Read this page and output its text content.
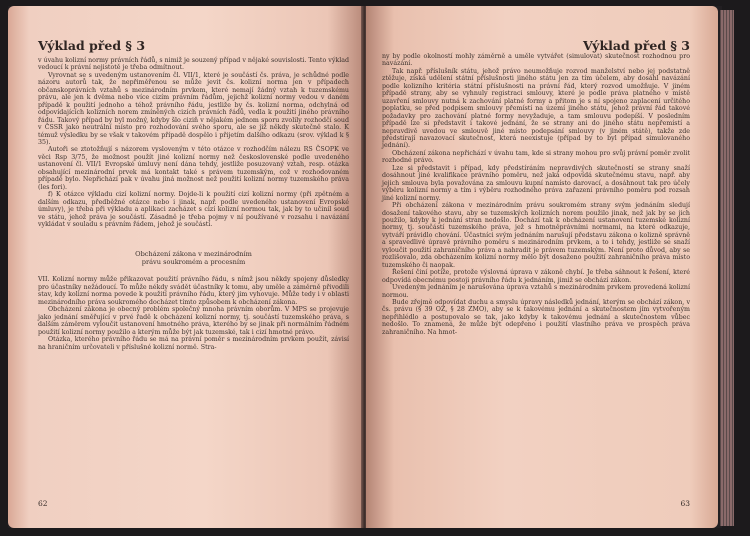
Výklad před § 3

v úvahu kolizní normy právních řádů, s nimiž je souzený případ v nějaké souvislosti. Tento výklad vedoucí k právní nejistotě je třeba odmítnout.

Vyrovnat se s uvedeným ustanovením čl. VII/1, které je součástí čs. práva, je schůdné podle názoru autorů tak, že nepřiměřenou se může jevit čs. kolizní norma jen v případech občanskoprávních vztahů s mezinárodním prvkem, které nemají žádný vztah k tuzemskému právu, ale jen k dvěma nebo více cizím právním řádům, jejichž kolizní normy vedou v daném případě k použití jednoho a téhož právního řádu, jestliže by čs. kolizní norma, odchylná od odpovídajících kolizních norem zmíněných cizích právních řádů, vedla k použití jiného právního řádu. Takový případ by byl možný, kdyby šlo ciziň v nějakém jednom sporu zvolily rozhodčí soud v ČSSR jako neutrální místo pro rozhodování svého sporu, ale se již někdy skutečně stalo. K témuž výsledku by se však v takovém případě dospělo i přijetím dalšího odkazu (srov. výklad k § 35).

Autoři se ztotožňují s názorem vysloveným v této otázce v rozhodčím nálezu RS ČSOPK ve věci Rsp 3/75, že možnost použít jiné kolizní normy než československé podle uvedeného ustanovení čl. VII/1 Evropské úmluvy není dána tehdy, jestliže posuzovaný vztah, resp. otázka obsahující mezinárodní prvek má kontakt také s právem tuzemským, což v rozhodovaném případě bylo. Nepřichází pak v úvahu jiná možnost než použití kolizní normy tuzemského práva (les fori).

f) K otázce výkladu cizí kolizní normy. Dojde-li k použití cizí kolizní normy (při zpětném a dalším odkazu, předběžné otázce nebo i jinak, např. podle uvedeného ustanovení Evropské úmluvy), je třeba při výkladu a aplikaci zacházet s cizí kolizní normou tak, jak by to učinil soud ve státu, jehož práva je součástí. Zásadně je třeba pojmy v ní používané v rozsahu i navázání vykládat v souladu s právním řádem, jehož je součástí.

Obcházení zákona v mezinárodním
právu soukromém a procesním

VII. Kolizní normy může přikazovat použití právního řádu, s nímž jsou někdy spojeny důsledky pro účastníky nežádoucí. To může nékdy svádět účastníky k tomu, aby uměle a záměrně přivodili stav, kdy kolizní norma povede k použití právního řádu, který jim vyhovuje. Může tedy i v oblasti mezinárodního práva soukromého docházet tímto způsobem k obcházení zákona.

Obcházení zákona je obecný problém společný mnoha právním oborům. V MPS se projevuje jako jednání směřující v prvé řadě k obcházení kolizní normy, tj. součástí tuzemského práva, s dalším záměrem vyloučit ustanovení hmotného práva, kterého by se jinak při normálním řádném použití kolizní normy použilo a kterým může být jak tuzemské, tak i cizí hmotné právo.

Otázka, kterého právního řádu se má na právní poměr s mezinárodním prvkem použít, závisí na hraničním určovateli v příslušné kolizní normě. Stra-

62
Výklad před § 3

ny by podle okolností mohly záměrně a uměle vytvářet (simulovat) skutečnost rozhodnou pro navázání.

Tak např. příslušník státu, jehož právo neumožňuje rozvod manželství nebo jej podstatně ztěžuje, získá udělení státní příslušnosti jiného státu jen za tím účelem, aby dosáhl navázání podle kolizního kritéria státní příslušnosti na právní řád, který rozvod umožňuje. V jiném případě strany, aby se vyhnuly registraci smlouvy, které je podle práva platného v místě uzavření smlouvy nutná k zachování platné formy a přitom je s ní spojeno zaplacení určitého poplatku, se před podpisem smlouvy přemístí na území jiného státu, jehož právní řád takové požadavky pro zachování platné formy nevyžaduje, a tam smlouvu podepíší. V posledním případě lze si představit i takové jednání, že se strany ani do jiného státu nepřemístí a nepravdivě uvedou ve smlouvě jiné místo podepsání smlouvy (v jiném státě), takže zde předstírají navazovací skutečnost, která neexistuje (případ by to byl případ simulovaného jednání).

Obcházení zákona nepřichází v úvahu tam, kde si strany mohou pro svůj právní poměr zvolit rozhodné právo.

Lze si představit i případ, kdy předstíráním nepravdivých skutečností se strany snaží dosáhnout jiné kvalifikace právního poměru, než jaká odpovídá skutečnému stavu, např. aby jejich smlouva byla považována za smlouvu kupní namísto darovací, a dosáhnout tak pro účely výběru kolizní normy a tím i výběru rozhodného práva zařazení právního poměru pod rozsah jiné kolizní normy.

Při obcházení zákona v mezinárodním právu soukromém strany svým jednáním sledují dosažení takového stavu, aby se tuzemských kolizních norem použilo jinak, než jak by se jich použilo, kdyby k jednání stran nedošlo. Dochází tak k obcházení ustanovení tuzemské kolizní normy, tj. součástí tuzemského práva, jež s hmotněprávními normami, na které odkazuje, vytváří právidlo chování. Účastníci svým jednáním narušují představu zákona o kolizně správně a spravedlivé úpravě právního poměru s mezinárodním prvkem, a to i tehdy, jestliže se snaží vyloučit použití zahraničního práva a nahradit je právem tuzemským. Není proto důvod, aby se rozlišovalo, zda obcházením kolizní normy mělo být dosaženo použití zahraničního práva místo tuzemského či naopak.

Řešení činí potíže, protože výslovná úprava v zákoně chybí. Je třeba sáhnout k řešení, které odpovídá obecnému postoji právního řádu k jednáním, jimiž se obchází zákon.

Uvedeným jednáním je narušována úprava vztahů s mezinárodním prvkem provedená kolizní normou.

Bude zřejmě odpovídat duchu a smyslu úpravy následků jednání, kterým se obchází zákon, v čs. právu (§ 39 OZ, § 28 ZMO), aby se k takovému jednání a skutečnostem jím vytvořeným nepřihlédlo a postupovalo se tak, jako kdyby k takovému jednání a skutečnostem vůbec nedošlo. To znamená, že může být odepřeno i použití vlastního práva ve prospěch práva zahraničního. Na hmot-

63
